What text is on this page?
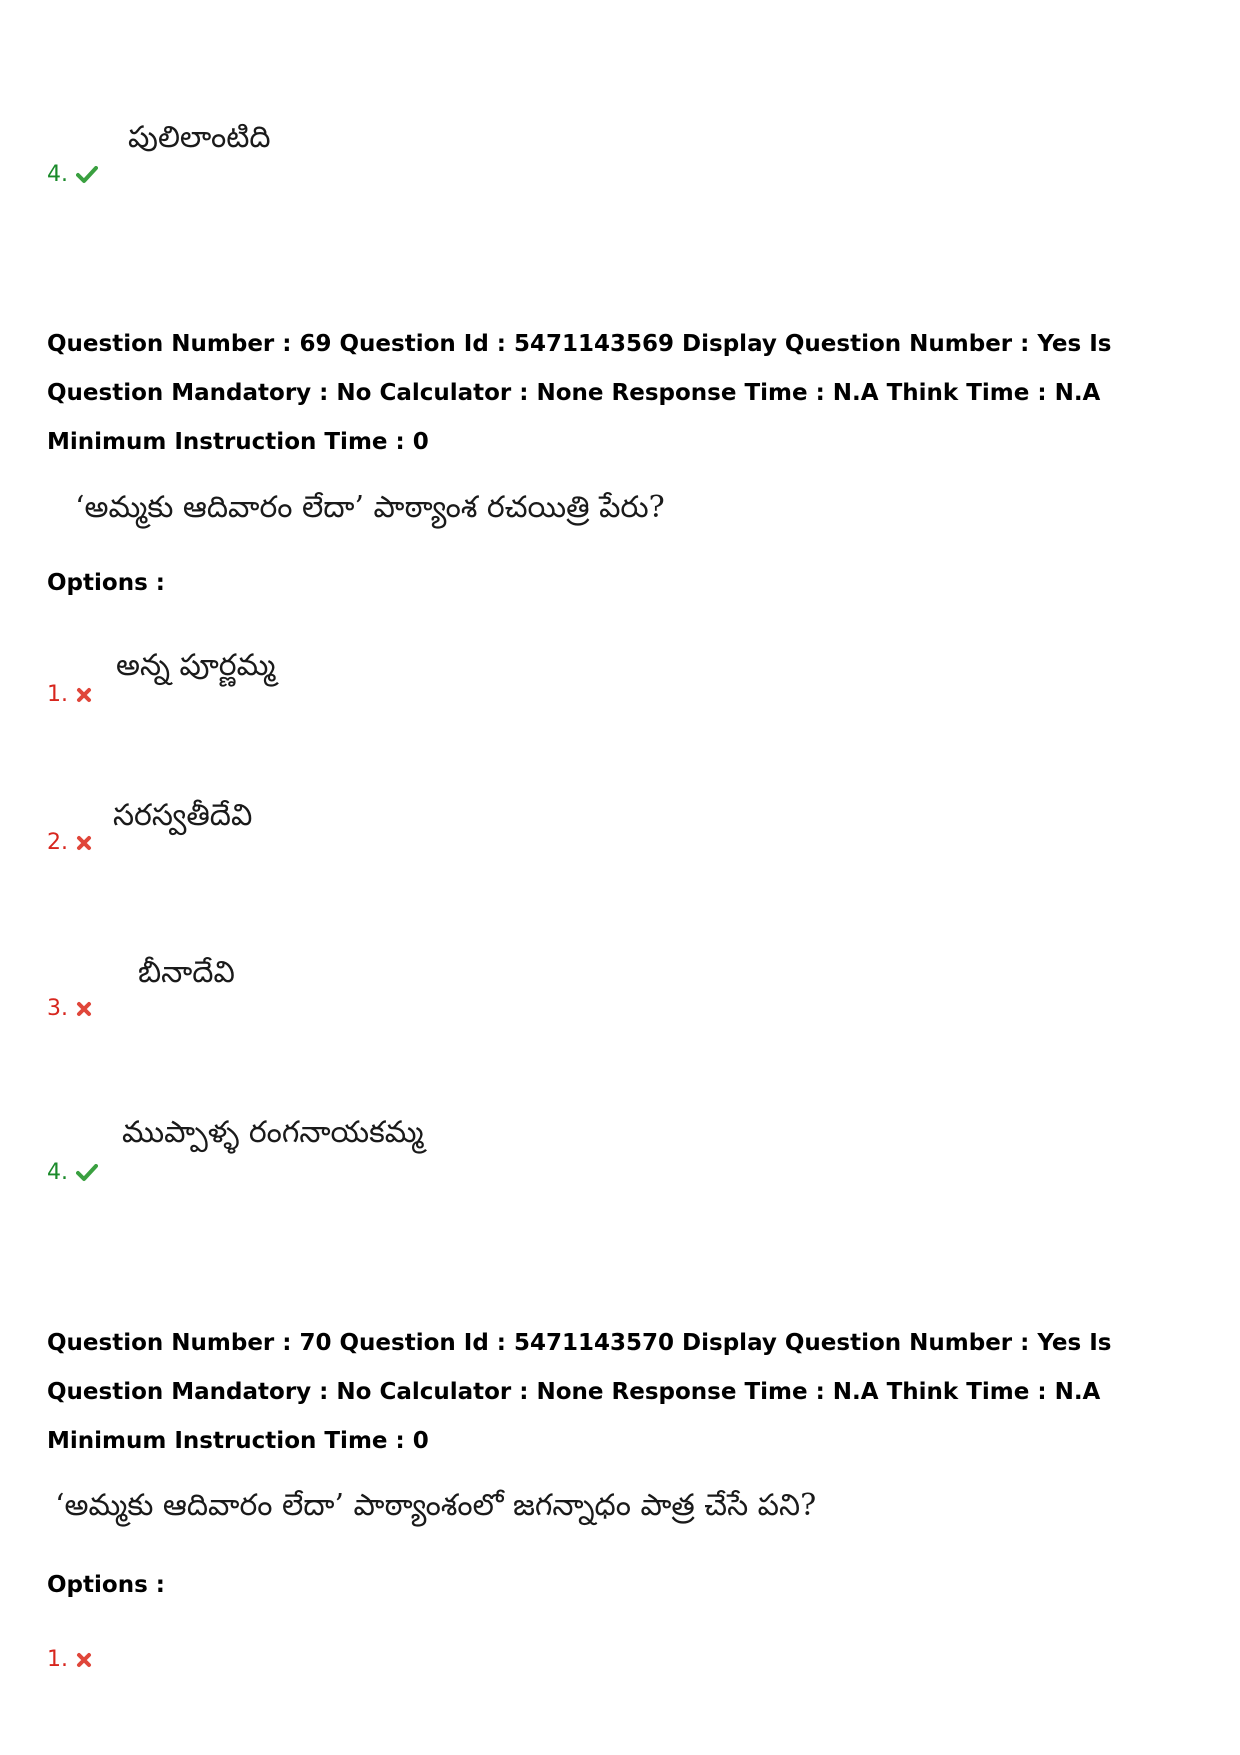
పులిలాంటిది
4.
Question Number : 69 Question Id : 5471143569 Display Question Number : Yes Is Question Mandatory : No Calculator : None Response Time : N.A Think Time : N.A Minimum Instruction Time : 0
‘అమ్మకు ఆదివారం లేదా’ పాఠ్యాంశ రచయిత్రి పేరు?
Options :
అన్న పూర్ణమ్మ
1.
సరస్వతీదేవి
2.
బీనాదేవి
3.
ముప్పాళ్ళ రంగనాయకమ్మ
4.
Question Number : 70 Question Id : 5471143570 Display Question Number : Yes Is Question Mandatory : No Calculator : None Response Time : N.A Think Time : N.A Minimum Instruction Time : 0
‘అమ్మకు ఆదివారం లేదా’ పాఠ్యాంశంలో జగన్నాధం పాత్ర చేసే పని?
Options :
1.
